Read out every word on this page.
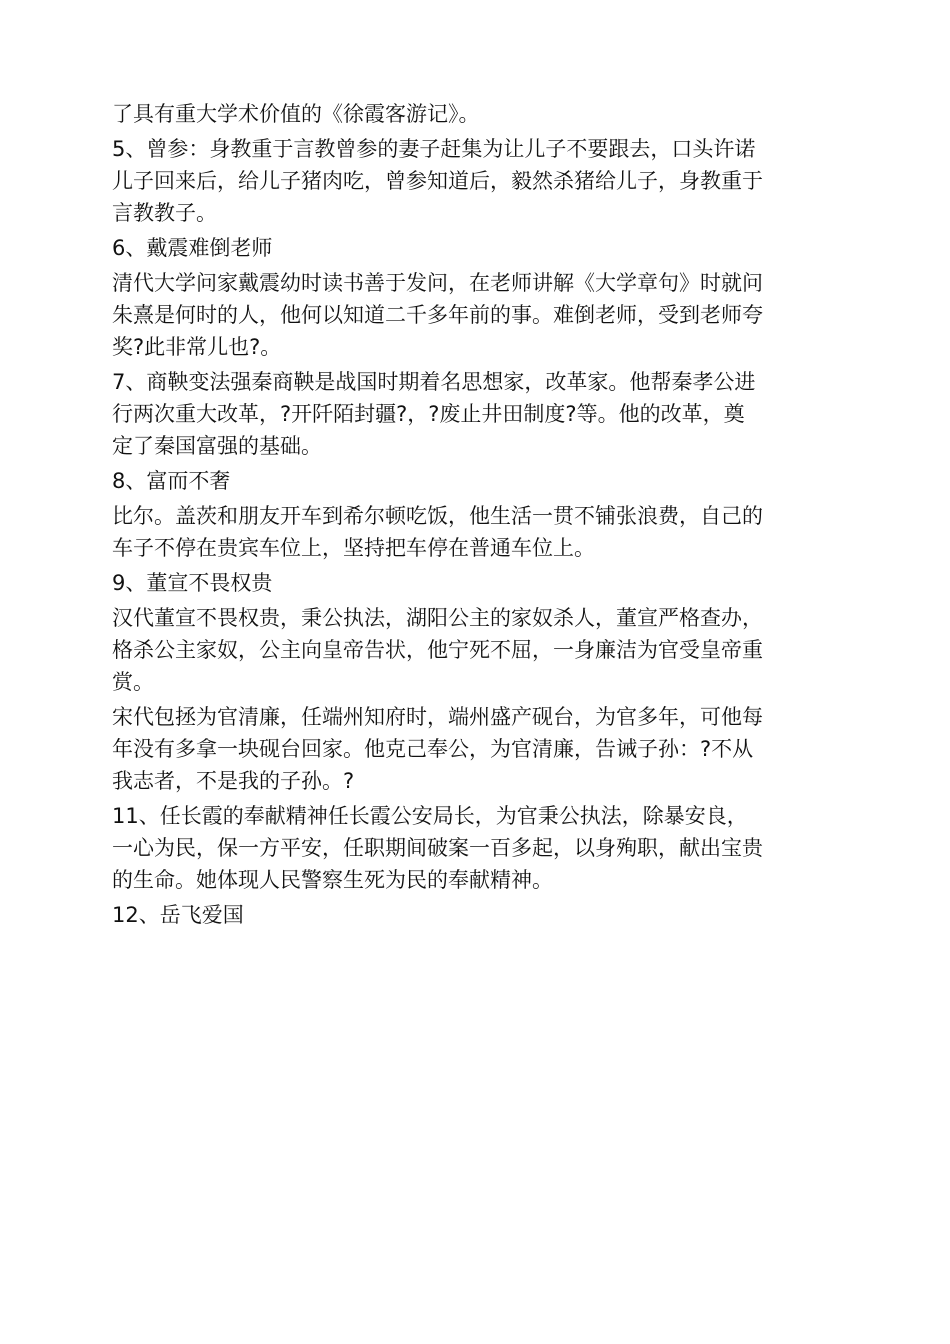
了具有重大学术价值的《徐霞客游记》。
5、曾参：身教重于言教曾参的妻子赶集为让儿子不要跟去，口头许诺
儿子回来后，给儿子猪肉吃，曾参知道后，毅然杀猪给儿子，身教重于
言教教子。
6、戴震难倒老师
清代大学问家戴震幼时读书善于发问，在老师讲解《大学章句》时就问
朱熹是何时的人，他何以知道二千多年前的事。难倒老师，受到老师夸
奖?此非常儿也?。
7、商鞅变法强秦商鞅是战国时期着名思想家，改革家。他帮秦孝公进
行两次重大改革，?开阡陌封疆?，?废止井田制度?等。他的改革，奠
定了秦国富强的基础。
8、富而不奢
比尔。盖茨和朋友开车到希尔顿吃饭，他生活一贯不铺张浪费，自己的
车子不停在贵宾车位上，坚持把车停在普通车位上。
9、董宣不畏权贵
汉代董宣不畏权贵，秉公执法，湖阳公主的家奴杀人，董宣严格查办，
格杀公主家奴，公主向皇帝告状，他宁死不屈，一身廉洁为官受皇帝重
赏。
宋代包拯为官清廉，任端州知府时，端州盛产砚台，为官多年，可他每
年没有多拿一块砚台回家。他克己奉公，为官清廉，告诫子孙：?不从
我志者，不是我的子孙。?
11、任长霞的奉献精神任长霞公安局长，为官秉公执法，除暴安良，
一心为民，保一方平安，任职期间破案一百多起，以身殉职，献出宝贵
的生命。她体现人民警察生死为民的奉献精神。
12、岳飞爱国
